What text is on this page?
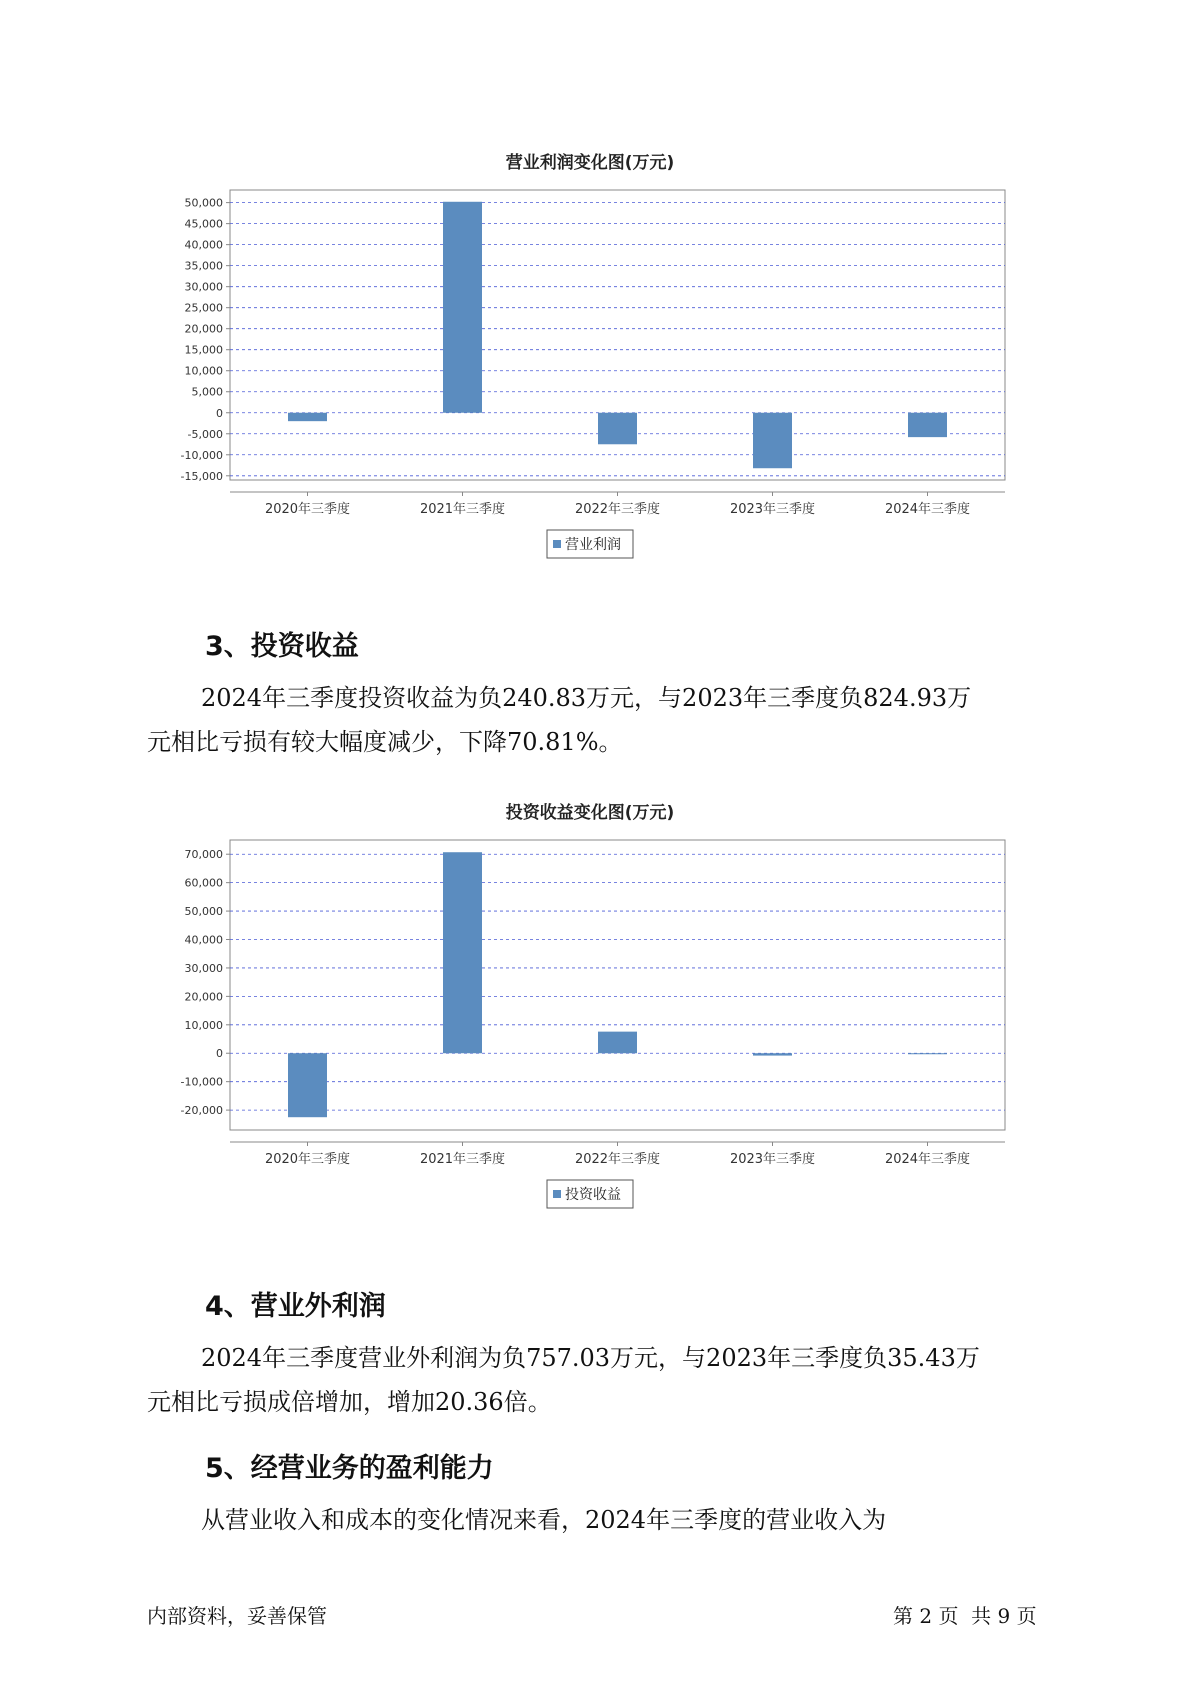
营业利润变化图(万元)
50,000
45,000
40,000
35,000
30,000
25,000
20,000
15,000
10,000
5,000
0
-5,000
-10,000
-15,000
2020年三季度	2021年三季度	2022年三季度	2023年三季度	2024年三季度
营业利润
3、投资收益
2024年三季度投资收益为负240.83万元，与2023年三季度负824.93万
元相比亏损有较大幅度减少，下降70.81%。
投资收益变化图(万元)
70,000
60,000
50,000
40,000
30,000
20,000
10,000
0
-10,000
-20,000
2020年三季度	2021年三季度	2022年三季度	2023年三季度	2024年三季度
投资收益
4、营业外利润
2024年三季度营业外利润为负757.03万元，与2023年三季度负35.43万
元相比亏损成倍增加，增加20.36倍。
5、经营业务的盈利能力
从营业收入和成本的变化情况来看，2024年三季度的营业收入为
内部资料，妥善保管	第 2 页  共 9 页
